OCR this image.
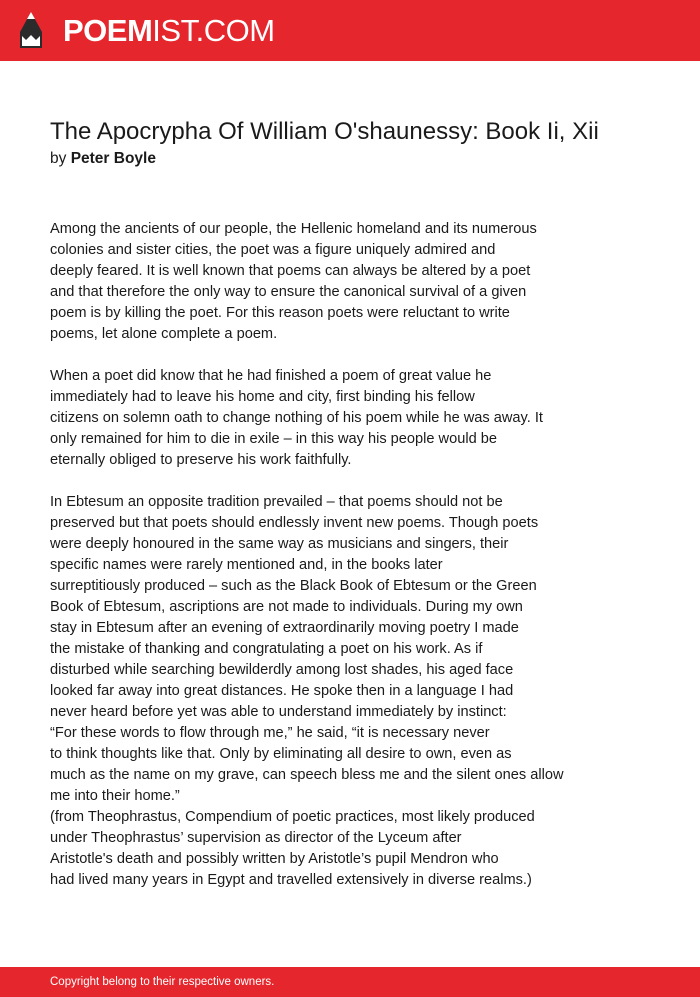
POEMIST.COM
The Apocrypha Of William O'shaunessy: Book Ii, Xii
by Peter Boyle
Among the ancients of our people, the Hellenic homeland and its numerous
colonies and sister cities, the poet was a figure uniquely admired and
deeply feared. It is well known that poems can always be altered by a poet
and that therefore the only way to ensure the canonical survival of a given
poem is by killing the poet. For this reason poets were reluctant to write
poems, let alone complete a poem.
When a poet did know that he had finished a poem of great value he
immediately had to leave his home and city, first binding his fellow
citizens on solemn oath to change nothing of his poem while he was away. It
only remained for him to die in exile – in this way his people would be
eternally obliged to preserve his work faithfully.
In Ebtesum an opposite tradition prevailed – that poems should not be
preserved but that poets should endlessly invent new poems. Though poets
were deeply honoured in the same way as musicians and singers, their
specific names were rarely mentioned and, in the books later
surreptitiously produced – such as the Black Book of Ebtesum or the Green
Book of Ebtesum, ascriptions are not made to individuals. During my own
stay in Ebtesum after an evening of extraordinarily moving poetry I made
the mistake of thanking and congratulating a poet on his work. As if
disturbed while searching bewilderdly among lost shades, his aged face
looked far away into great distances. He spoke then in a language I had
never heard before yet was able to understand immediately by instinct:
“For these words to flow through me,” he said, “it is necessary never
to think thoughts like that. Only by eliminating all desire to own, even as
much as the name on my grave, can speech bless me and the silent ones allow
me into their home.”
(from Theophrastus, Compendium of poetic practices, most likely produced
under Theophrastus’ supervision as director of the Lyceum after
Aristotle's death and possibly written by Aristotle’s pupil Mendron who
had lived many years in Egypt and travelled extensively in diverse realms.)
Copyright belong to their respective owners.
